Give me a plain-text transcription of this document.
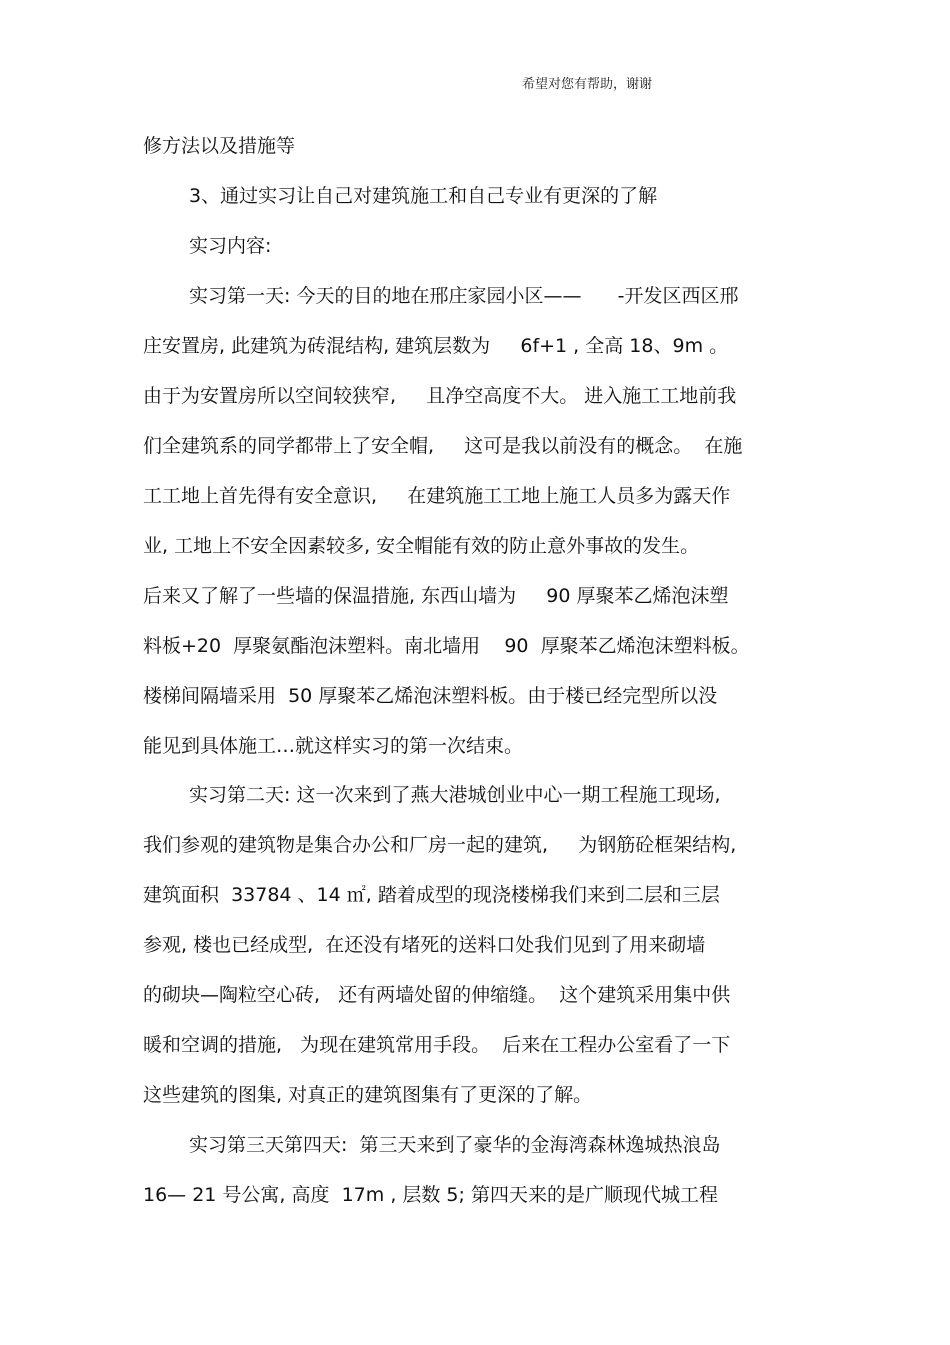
希望对您有帮助，谢谢
修方法以及措施等
3、通过实习让自己对建筑施工和自己专业有更深的了解
实习内容:
实习第一天: 今天的目的地在邢庄家园小区——      -开发区西区邢
庄安置房, 此建筑为砖混结构, 建筑层数为     6f+1 , 全高 18、9m 。
由于为安置房所以空间较狭窄,     且净空高度不大。 进入施工工地前我
们全建筑系的同学都带上了安全帽,     这可是我以前没有的概念。  在施
工工地上首先得有安全意识,     在建筑施工工地上施工人员多为露天作
业, 工地上不安全因素较多, 安全帽能有效的防止意外事故的发生。
后来又了解了一些墙的保温措施, 东西山墙为     90 厚聚苯乙烯泡沫塑
料板+20  厚聚氨酯泡沫塑料。南北墙用    90  厚聚苯乙烯泡沫塑料板。
楼梯间隔墙采用  50 厚聚苯乙烯泡沫塑料板。由于楼已经完型所以没
能见到具体施工…就这样实习的第一次结束。
实习第二天: 这一次来到了燕大港城创业中心一期工程施工现场,
我们参观的建筑物是集合办公和厂房一起的建筑,     为钢筋砼框架结构,
建筑面积  33784 、14 ㎡, 踏着成型的现浇楼梯我们来到二层和三层
参观, 楼也已经成型,  在还没有堵死的送料口处我们见到了用来砌墙
的砌块—陶粒空心砖,   还有两墙处留的伸缩缝。  这个建筑采用集中供
暖和空调的措施,   为现在建筑常用手段。  后来在工程办公室看了一下
这些建筑的图集, 对真正的建筑图集有了更深的了解。
实习第三天第四天:  第三天来到了豪华的金海湾森林逸城热浪岛
16— 21 号公寓, 高度  17m , 层数 5; 第四天来的是广顺现代城工程
